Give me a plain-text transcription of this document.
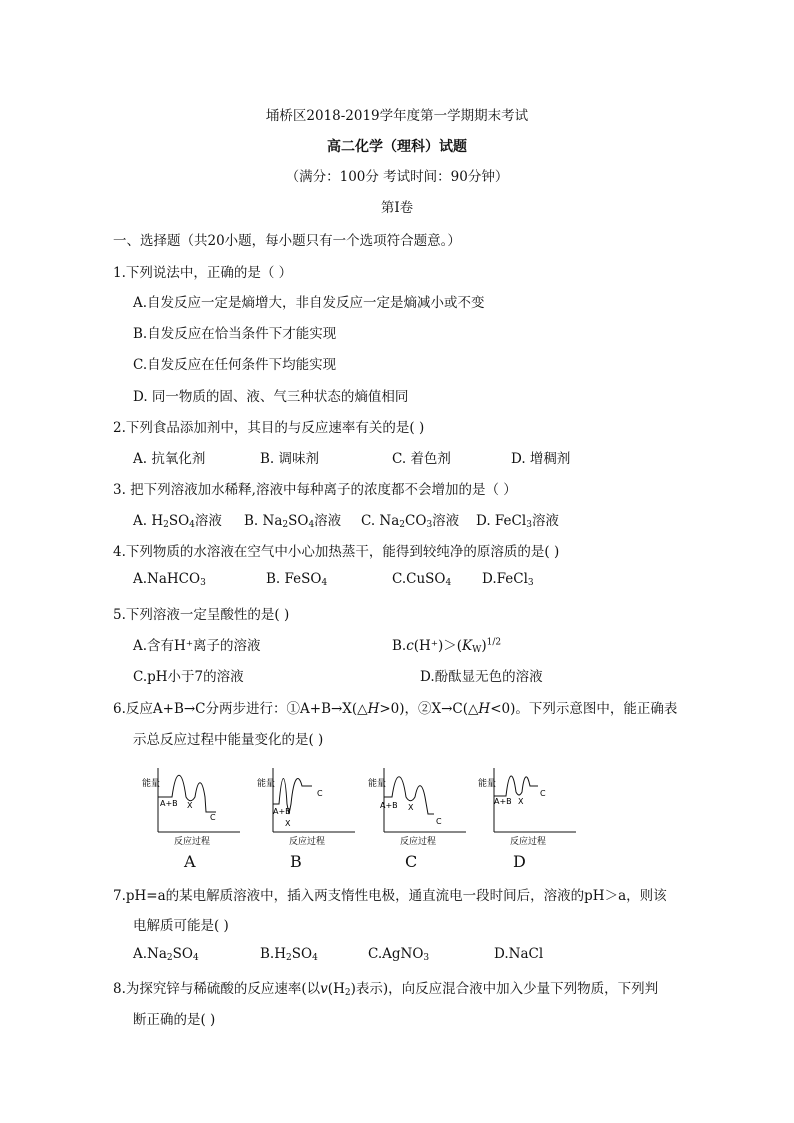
埇桥区2018-2019学年度第一学期期末考试
高二化学（理科）试题
（满分：100分 考试时间：90分钟）
第Ⅰ卷
一、选择题（共20小题，每小题只有一个选项符合题意。）
1.下列说法中，正确的是（ ）
A.自发反应一定是熵增大，非自发反应一定是熵减小或不变
B.自发反应在恰当条件下才能实现
C.自发反应在任何条件下均能实现
D. 同一物质的固、液、气三种状态的熵值相同
2.下列食品添加剂中，其目的与反应速率有关的是( )
A. 抗氧化剂	B. 调味剂	C. 着色剂	D. 增稠剂
3. 把下列溶液加水稀释,溶液中每种离子的浓度都不会增加的是（ ）
A. $H_2SO_4$溶液 B. $Na_2SO_4$溶液 C. $Na_2CO_3$溶液 D. FeCl$_3$溶液
4.下列物质的水溶液在空气中小心加热蒸干，能得到较纯净的原溶质的是( )
A.NaHCO$_3$	B. FeSO$_4$	C.CuSO$_4$ D.FeCl$_3$
5.下列溶液一定呈酸性的是( )
A.含有H⁺离子的溶液	$B.c(H^+)>(K_W)^{1/2}$
C.pH小于7的溶液	D.酚酞显无色的溶液
6.反应A+B→C分两步进行：①A+B→X(△H>0)，②X→C(△H<0)。下列示意图中，能正确表
示总反应过程中能量变化的是( )
能量
反应过程
A+B X
C
能量
反应过程
A+B
X
C
能量
反应过程
A+B X
C
能量
反应过程
A+B X
C
A	B	C	D
7.pH=a的某电解质溶液中，插入两支惰性电极，通直流电一段时间后，溶液的pH＞a，则该
电解质可能是( )
$A.Na_2SO_4$	$B.H_2SO_4$	C.AgNO$_3$	D.NaCl
8.为探究锌与稀硫酸的反应速率(以$v(H_2)$表示)，向反应混合液中加入少量下列物质，下列判
断正确的是( )
